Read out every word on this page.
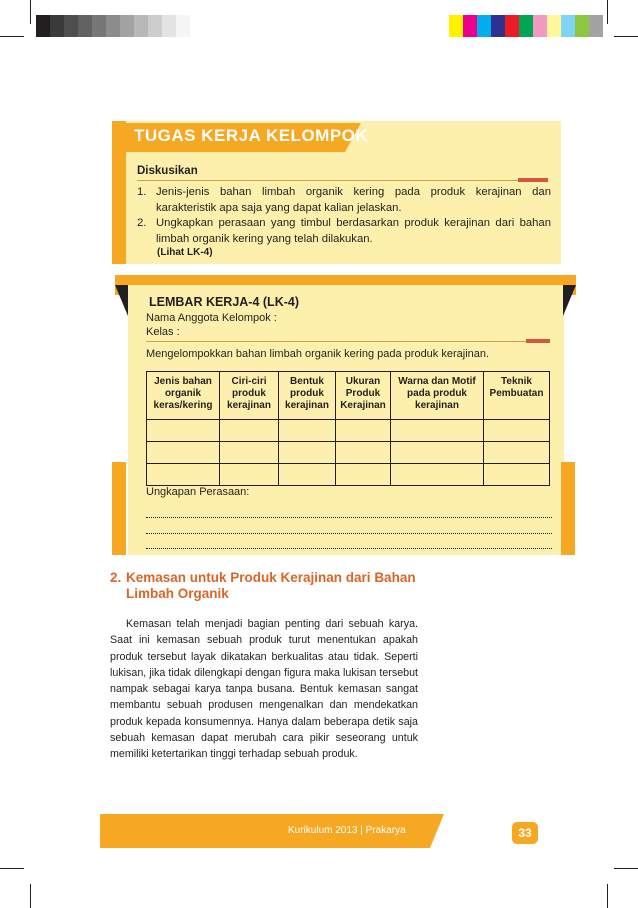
TUGAS KERJA KELOMPOK
Diskusikan
1. Jenis-jenis bahan limbah organik kering pada produk kerajinan dan karakteristik apa saja yang dapat kalian jelaskan.
2. Ungkapkan perasaan yang timbul berdasarkan produk kerajinan dari bahan limbah organik kering yang telah dilakukan.
(Lihat LK-4)
LEMBAR KERJA-4 (LK-4)
Nama Anggota Kelompok :
Kelas :
Mengelompokkan bahan limbah organik kering pada produk kerajinan.
Jenis bahan organik keras/kering	Ciri-ciri produk kerajinan	Bentuk produk kerajinan	Ukuran Produk Kerajinan	Warna dan Motif pada produk kerajinan	Teknik Pembuatan

Ungkapan Perasaan:
2. Kemasan untuk Produk Kerajinan dari Bahan Limbah Organik
  Kemasan telah menjadi bagian penting dari sebuah karya. Saat ini kemasan sebuah produk turut menentukan apakah produk tersebut layak dikatakan berkualitas atau tidak. Seperti lukisan, jika tidak dilengkapi dengan figura maka lukisan tersebut nampak sebagai karya tanpa busana. Bentuk kemasan sangat membantu sebuah produsen mengenalkan dan mendekatkan produk kepada konsumennya. Hanya dalam beberapa detik saja sebuah kemasan dapat merubah cara pikir seseorang untuk memiliki ketertarikan tinggi terhadap sebuah produk.
Kurikulum 2013 | Prakarya	33
